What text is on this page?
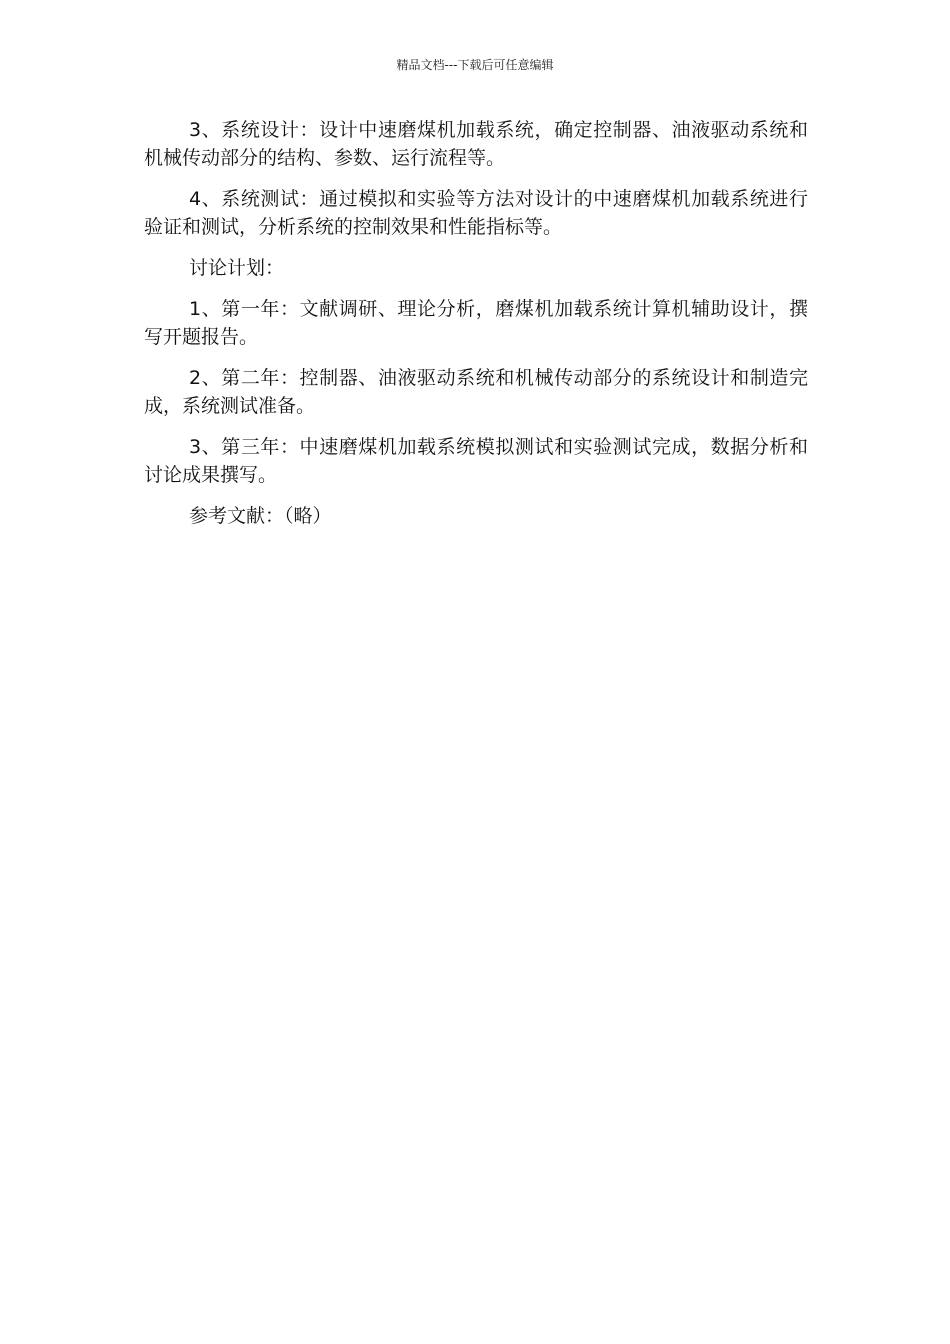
精品文档---下载后可任意编辑

3、系统设计：设计中速磨煤机加载系统，确定控制器、油液驱动系统和机械传动部分的结构、参数、运行流程等。

4、系统测试：通过模拟和实验等方法对设计的中速磨煤机加载系统进行验证和测试，分析系统的控制效果和性能指标等。

讨论计划：

1、第一年：文献调研、理论分析，磨煤机加载系统计算机辅助设计，撰写开题报告。

2、第二年：控制器、油液驱动系统和机械传动部分的系统设计和制造完成，系统测试准备。

3、第三年：中速磨煤机加载系统模拟测试和实验测试完成，数据分析和讨论成果撰写。

参考文献：（略）
